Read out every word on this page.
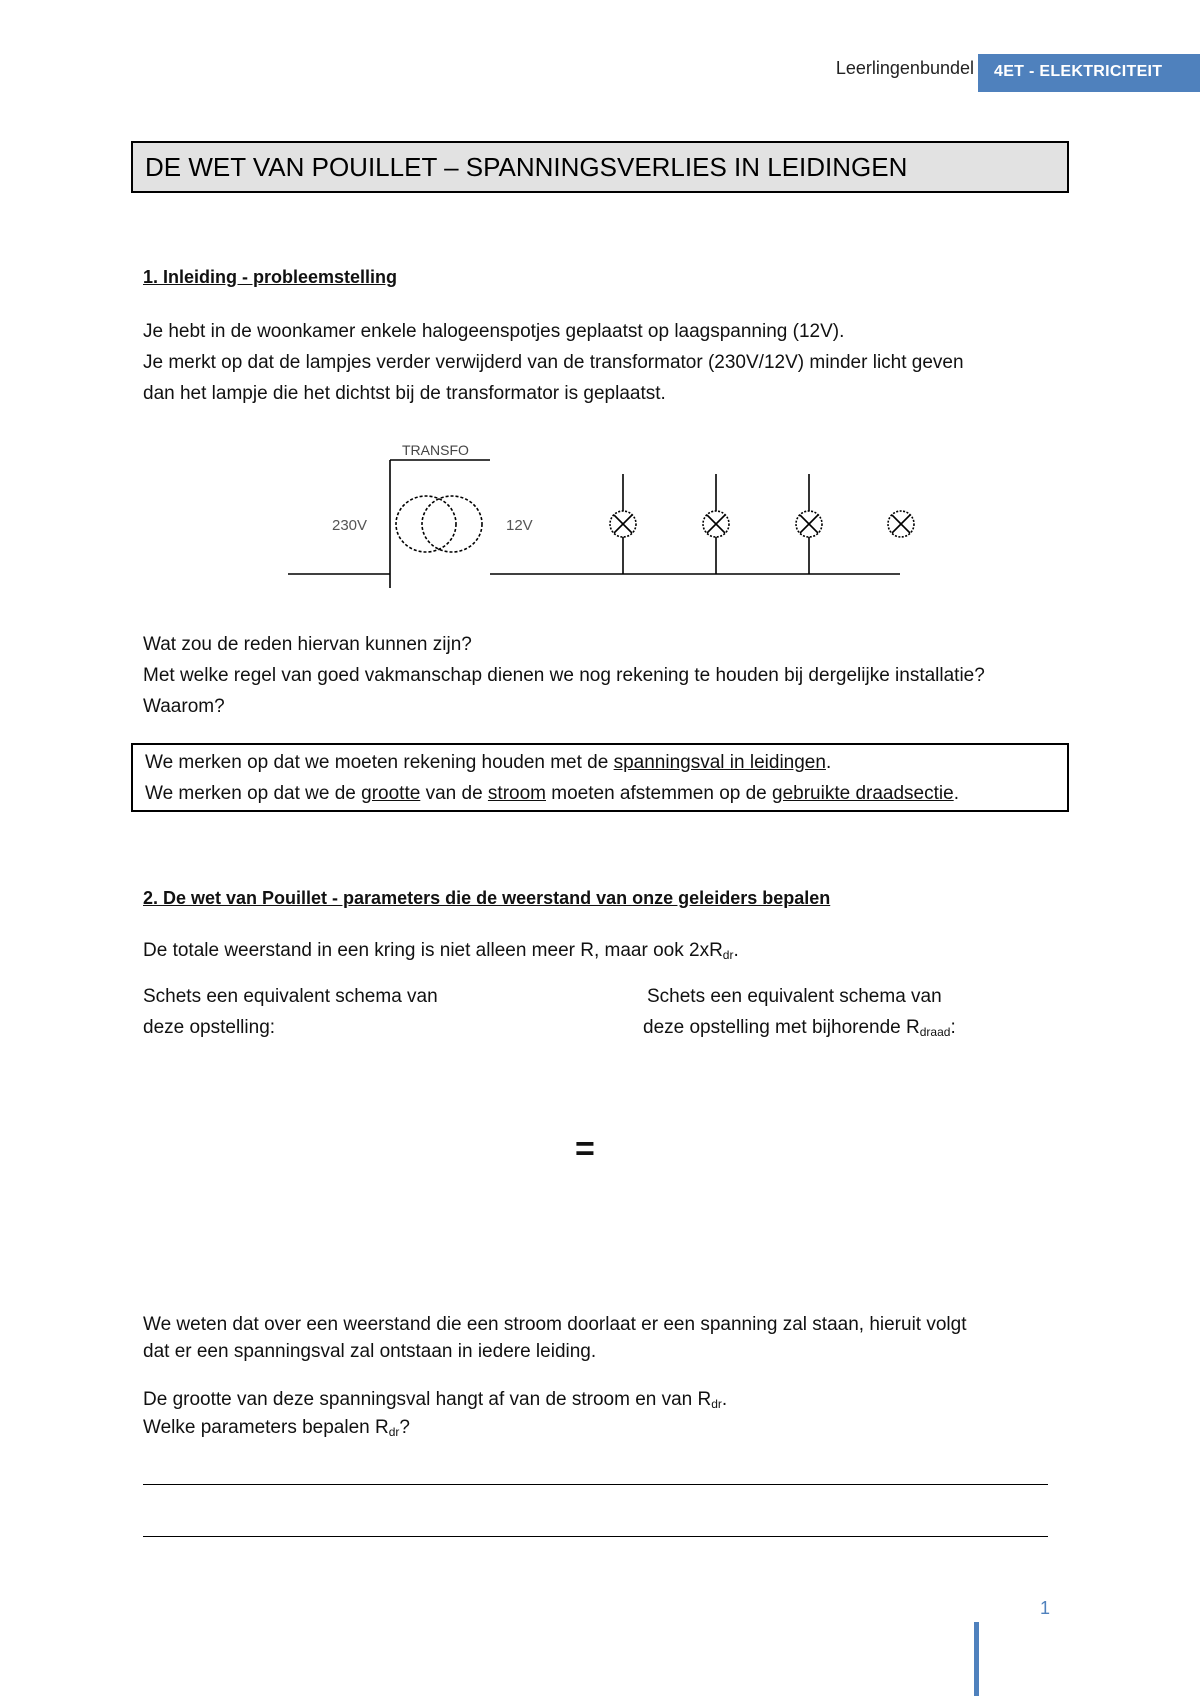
Leerlingenbundel	4ET - ELEKTRICITEIT
DE WET VAN POUILLET – SPANNINGSVERLIES IN LEIDINGEN
1. Inleiding - probleemstelling
Je hebt in de woonkamer enkele halogeenspotjes geplaatst op laagspanning (12V).
Je merkt op dat de lampjes verder verwijderd van de transformator (230V/12V) minder licht geven
dan het lampje die het dichtst bij de transformator is geplaatst.
TRANSFO
230V	12V
Wat zou de reden hiervan kunnen zijn?
Met welke regel van goed vakmanschap dienen we nog rekening te houden bij dergelijke installatie?
Waarom?
We merken op dat we moeten rekening houden met de spanningsval in leidingen.
We merken op dat we de grootte van de stroom moeten afstemmen op de gebruikte draadsectie.
2. De wet van Pouillet - parameters die de weerstand van onze geleiders bepalen
De totale weerstand in een kring is niet alleen meer R, maar ook $2xR_{dr}$.
Schets een equivalent schema van
deze opstelling:
Schets een equivalent schema van
deze opstelling met bijhorende $R_{draad}$:
=
We weten dat over een weerstand die een stroom doorlaat er een spanning zal staan, hieruit volgt
dat er een spanningsval zal ontstaan in iedere leiding.
De grootte van deze spanningsval hangt af van de stroom en van $R_{dr}$.
Welke parameters bepalen $R_{dr}$?
1
